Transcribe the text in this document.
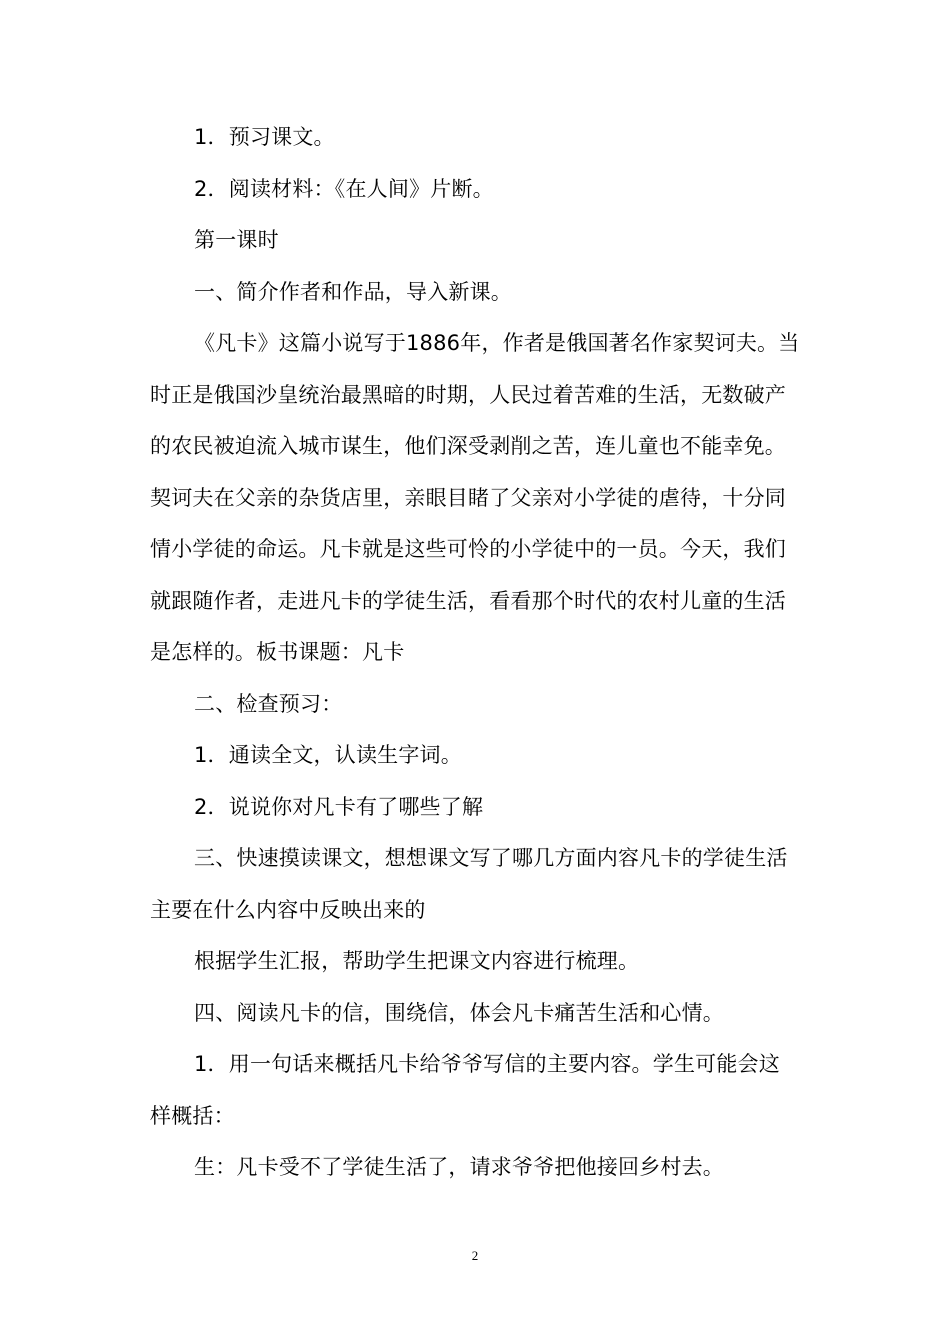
1．预习课文。

2．阅读材料：《在人间》片断。

第一课时

一、简介作者和作品，导入新课。

《凡卡》这篇小说写于1886年，作者是俄国著名作家契诃夫。当时正是俄国沙皇统治最黑暗的时期，人民过着苦难的生活，无数破产的农民被迫流入城市谋生，他们深受剥削之苦，连儿童也不能幸免。契诃夫在父亲的杂货店里，亲眼目睹了父亲对小学徒的虐待，十分同情小学徒的命运。凡卡就是这些可怜的小学徒中的一员。今天，我们就跟随作者，走进凡卡的学徒生活，看看那个时代的农村儿童的生活是怎样的。板书课题：凡卡

二、检查预习：

1．通读全文，认读生字词。

2．说说你对凡卡有了哪些了解

三、快速摸读课文，想想课文写了哪几方面内容凡卡的学徒生活主要在什么内容中反映出来的

根据学生汇报，帮助学生把课文内容进行梳理。

四、阅读凡卡的信，围绕信，体会凡卡痛苦生活和心情。

1．用一句话来概括凡卡给爷爷写信的主要内容。学生可能会这样概括：

生：凡卡受不了学徒生活了，请求爷爷把他接回乡村去。

2
